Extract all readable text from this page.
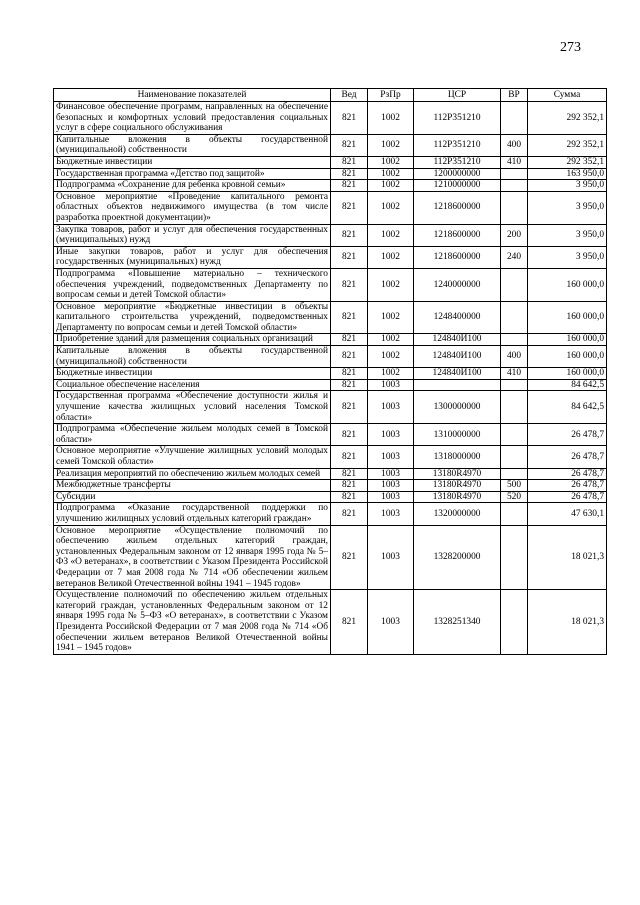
273
Наименование показателей	Вед	РзПр	ЦСР	ВР	Сумма
Финансовое обеспечение программ, направленных на обеспечение безопасных и комфортных условий предоставления социальных услуг в сфере социального обслуживания	821	1002	112Р351210		292 352,1
Капитальные вложения в объекты государственной (муниципальной) собственности	821	1002	112Р351210	400	292 352,1
Бюджетные инвестиции	821	1002	112Р351210	410	292 352,1
Государственная программа «Детство под защитой»	821	1002	1200000000		163 950,0
Подпрограмма «Сохранение для ребенка кровной семьи»	821	1002	1210000000		3 950,0
Основное мероприятие «Проведение капитального ремонта областных объектов недвижимого имущества (в том числе разработка проектной документации)»	821	1002	1218600000		3 950,0
Закупка товаров, работ и услуг для обеспечения государственных (муниципальных) нужд	821	1002	1218600000	200	3 950,0
Иные закупки товаров, работ и услуг для обеспечения государственных (муниципальных) нужд	821	1002	1218600000	240	3 950,0
Подпрограмма «Повышение материально – технического обеспечения учреждений, подведомственных Департаменту по вопросам семьи и детей Томской области»	821	1002	1240000000		160 000,0
Основное мероприятие «Бюджетные инвестиции в объекты капитального строительства учреждений, подведомственных Департаменту по вопросам семьи и детей Томской области»	821	1002	1248400000		160 000,0
Приобретение зданий для размещения социальных организаций	821	1002	124840И100		160 000,0
Капитальные вложения в объекты государственной (муниципальной) собственности	821	1002	124840И100	400	160 000,0
Бюджетные инвестиции	821	1002	124840И100	410	160 000,0
Социальное обеспечение населения	821	1003			84 642,5
Государственная программа «Обеспечение доступности жилья и улучшение качества жилищных условий населения Томской области»	821	1003	1300000000		84 642,5
Подпрограмма «Обеспечение жильем молодых семей в Томской области»	821	1003	1310000000		26 478,7
Основное мероприятие «Улучшение жилищных условий молодых семей Томской области»	821	1003	1318000000		26 478,7
Реализация мероприятий по обеспечению жильем молодых семей	821	1003	13180R4970		26 478,7
Межбюджетные трансферты	821	1003	13180R4970	500	26 478,7
Субсидии	821	1003	13180R4970	520	26 478,7
Подпрограмма «Оказание государственной поддержки по улучшению жилищных условий отдельных категорий граждан»	821	1003	1320000000		47 630,1
Основное мероприятие «Осуществление полномочий по обеспечению жильем отдельных категорий граждан, установленных Федеральным законом от 12 января 1995 года № 5–ФЗ «О ветеранах», в соответствии с Указом Президента Российской Федерации от 7 мая 2008 года № 714 «Об обеспечении жильем ветеранов Великой Отечественной войны 1941 – 1945 годов»	821	1003	1328200000		18 021,3
Осуществление полномочий по обеспечению жильем отдельных категорий граждан, установленных Федеральным законом от 12 января 1995 года № 5–ФЗ «О ветеранах», в соответствии с Указом Президента Российской Федерации от 7 мая 2008 года № 714 «Об обеспечении жильем ветеранов Великой Отечественной войны 1941 – 1945 годов»	821	1003	1328251340		18 021,3
